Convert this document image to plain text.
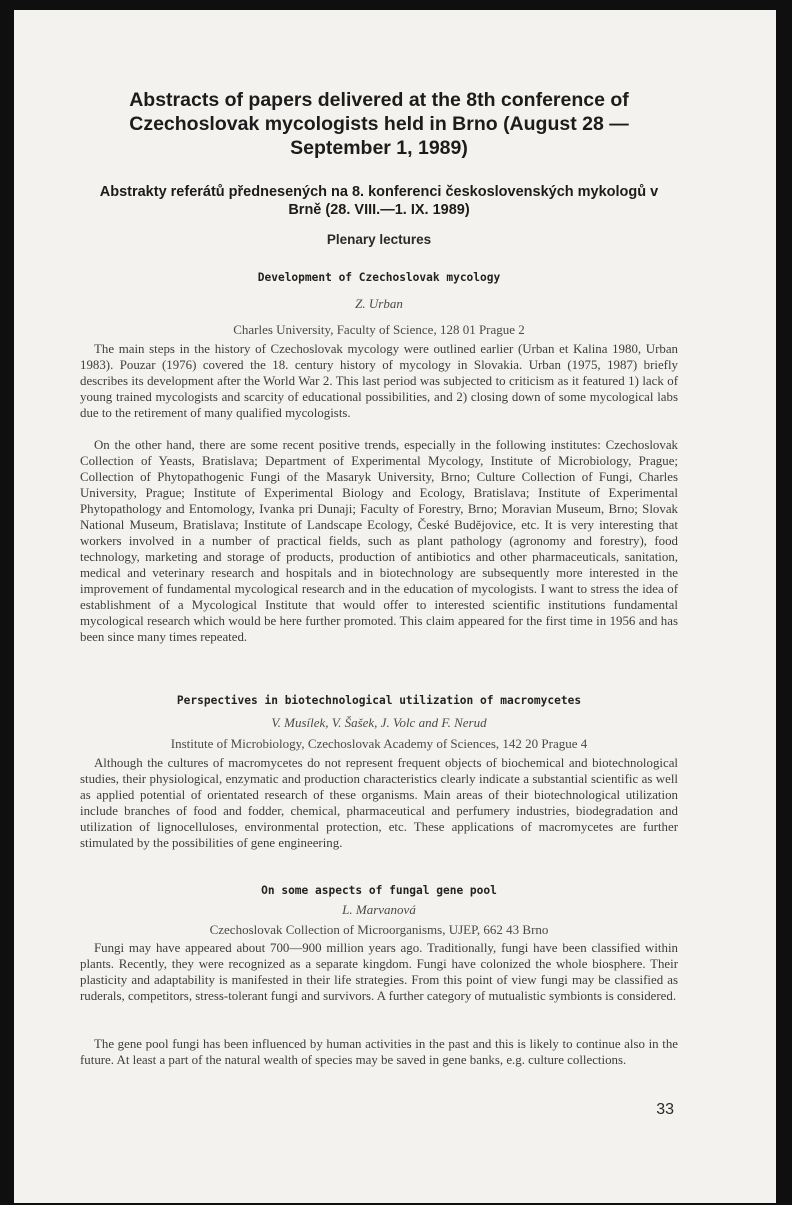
Abstracts of papers delivered at the 8th conference of Czechoslovak mycologists held in Brno (August 28 — September 1, 1989)
Abstrakty referátů přednesených na 8. konferenci československých mykologů v Brně (28. VIII.—1. IX. 1989)
Plenary lectures
Development of Czechoslovak mycology

Z. Urban

Charles University, Faculty of Science, 128 01 Prague 2

The main steps in the history of Czechoslovak mycology were outlined earlier (Urban et Kalina 1980, Urban 1983). Pouzar (1976) covered the 18. century history of mycology in Slovakia. Urban (1975, 1987) briefly describes its development after the World War 2. This last period was subjected to criticism as it featured 1) lack of young trained mycologists and scarcity of educational possibilities, and 2) closing down of some mycological labs due to the retirement of many qualified mycologists.

On the other hand, there are some recent positive trends, especially in the following institutes: Czechoslovak Collection of Yeasts, Bratislava; Department of Experimental Mycology, Institute of Microbiology, Prague; Collection of Phytopathogenic Fungi of the Masaryk University, Brno; Culture Collection of Fungi, Charles University, Prague; Institute of Experimental Biology and Ecology, Bratislava; Institute of Experimental Phytopathology and Entomology, Ivanka pri Dunaji; Faculty of Forestry, Brno; Moravian Museum, Brno; Slovak National Museum, Bratislava; Institute of Landscape Ecology, České Budějovice, etc. It is very interesting that workers involved in a number of practical fields, such as plant pathology (agronomy and forestry), food technology, marketing and storage of products, production of antibiotics and other pharmaceuticals, sanitation, medical and veterinary research and hospitals and in biotechnology are subsequently more interested in the improvement of fundamental mycological research and in the education of mycologists. I want to stress the idea of establishment of a Mycological Institute that would offer to interested scientific institutions fundamental mycological research which would be here further promoted. This claim appeared for the first time in 1956 and has been since many times repeated.

Perspectives in biotechnological utilization of macromycetes

V. Musílek, V. Šašek, J. Volc and F. Nerud

Institute of Microbiology, Czechoslovak Academy of Sciences, 142 20 Prague 4

Although the cultures of macromycetes do not represent frequent objects of biochemical and biotechnological studies, their physiological, enzymatic and production characteristics clearly indicate a substantial scientific as well as applied potential of orientated research of these organisms. Main areas of their biotechnological utilization include branches of food and fodder, chemical, pharmaceutical and perfumery industries, biodegradation and utilization of lignocelluloses, environmental protection, etc. These applications of macromycetes are further stimulated by the possibilities of gene engineering.

On some aspects of fungal gene pool

L. Marvanová

Czechoslovak Collection of Microorganisms, UJEP, 662 43 Brno

Fungi may have appeared about 700—900 million years ago. Traditionally, fungi have been classified within plants. Recently, they were recognized as a separate kingdom. Fungi have colonized the whole biosphere. Their plasticity and adaptability is manifested in their life strategies. From this point of view fungi may be classified as ruderals, competitors, stress-tolerant fungi and survivors. A further category of mutualistic symbionts is considered.

The gene pool fungi has been influenced by human activities in the past and this is likely to continue also in the future. At least a part of the natural wealth of species may be saved in gene banks, e.g. culture collections.

33
